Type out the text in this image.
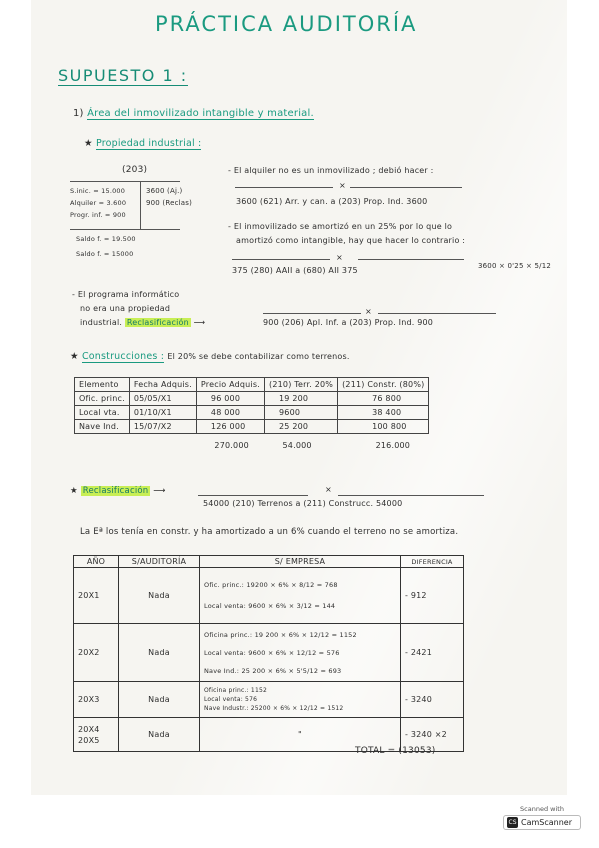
PRÁCTICA AUDITORÍA
SUPUESTO 1 :
1) Área del inmovilizado intangible y material.
★ Propiedad industrial :
(203)
S.inic. = 15.000
Alquiler = 3.600
Progr. inf. = 900
3600 (Aj.)
900 (Reclas)
Saldo f. = 19.500
Saldo f. = 15000
- El alquiler no es un inmovilizado ; debió hacer :
×
3600 (621) Arr. y can. a (203) Prop. Ind. 3600
- El inmovilizado se amortizó en un 25% por lo que lo
amortizó como intangible, hay que hacer lo contrario :
×
375 (280) AAII a (680) AII 375	3600 × 0'25 × 5/12
- El programa informático
no era una propiedad
industrial. Reclasificación ⟶
×
900 (206) Apl. Inf. a (203) Prop. Ind. 900
★ Construcciones : El 20% se debe contabilizar como terrenos.
Elemento	Fecha Adquis.	Precio Adquis.	(210) Terr. 20%	(211) Constr. (80%)
Ofic. princ.	05/05/X1	96 000	19 200	76 800
Local vta.	01/10/X1	48 000	9600	38 400
Nave Ind.	15/07/X2	126 000	25 200	100 800
		270.000	54.000	216.000
★ Reclasificación ⟶	×
54000 (210) Terrenos a (211) Construcc. 54000
La Eª los tenía en constr. y ha amortizado a un 6% cuando el terreno no se amortiza.
AÑO	S/AUDITORÍA	S/ EMPRESA	DIFERENCIA
20X1	Nada	Ofic. princ.: 19200 × 6% × 8/12 = 768
Local venta: 9600 × 6% × 3/12 = 144	- 912
20X2	Nada	Oficina princ.: 19 200 × 6% × 12/12 = 1152
Local venta: 9600 × 6% × 12/12 = 576
Nave Ind.: 25 200 × 6% × 5'5/12 = 693	- 2421
20X3	Nada	Oficina princ.: 1152
Local venta: 576
Nave Industr.: 25200 × 6% × 12/12 = 1512	- 3240
20X4
20X5	Nada	"	- 3240 ×2
TOTAL = (13053)
Scanned with
CS CamScanner
